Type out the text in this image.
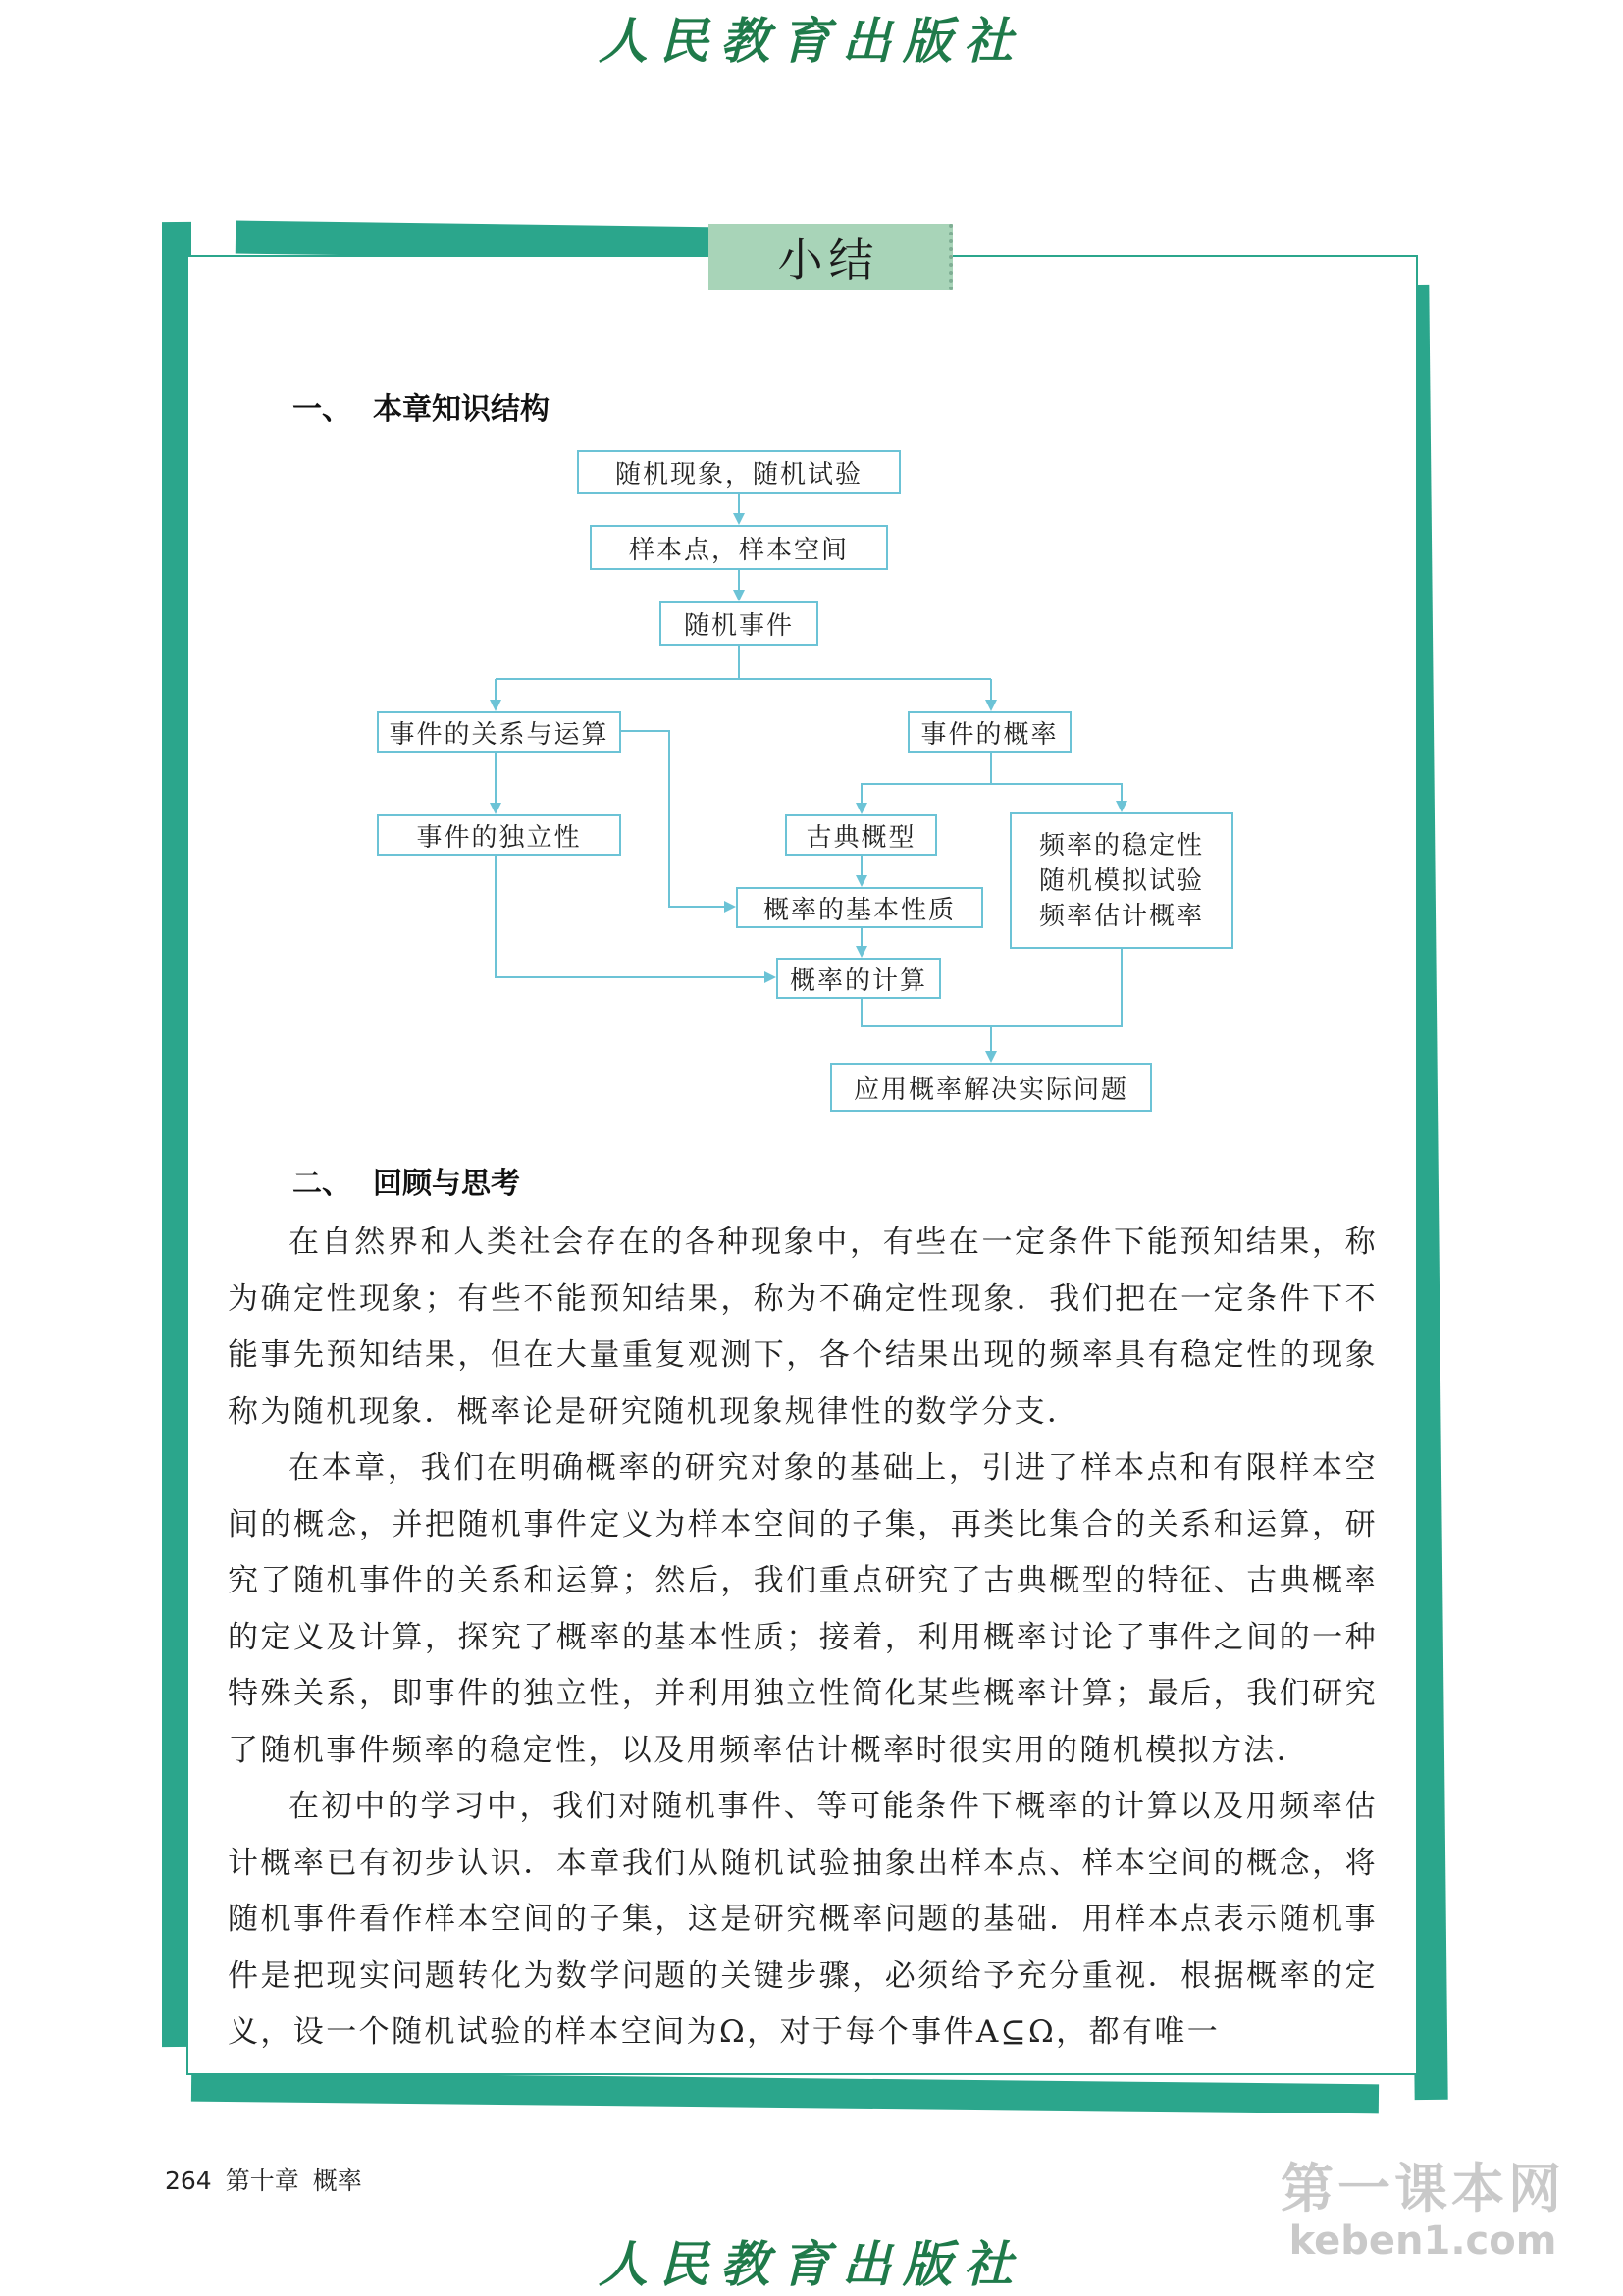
人民教育出版社
小结
一、 本章知识结构
随机现象，随机试验
样本点，样本空间
随机事件
事件的关系与运算	事件的概率
事件的独立性	古典概型	频率的稳定性
随机模拟试验
频率估计概率
概率的基本性质
概率的计算
应用概率解决实际问题
二、 回顾与思考

在自然界和人类社会存在的各种现象中，有些在一定条件下能预知结果，称为确定性现象；有些不能预知结果，称为不确定性现象．我们把在一定条件下不能事先预知结果，但在大量重复观测下，各个结果出现的频率具有稳定性的现象称为随机现象．概率论是研究随机现象规律性的数学分支．

在本章，我们在明确概率的研究对象的基础上，引进了样本点和有限样本空间的概念，并把随机事件定义为样本空间的子集，再类比集合的关系和运算，研究了随机事件的关系和运算；然后，我们重点研究了古典概型的特征、古典概率的定义及计算，探究了概率的基本性质；接着，利用概率讨论了事件之间的一种特殊关系，即事件的独立性，并利用独立性简化某些概率计算；最后，我们研究了随机事件频率的稳定性，以及用频率估计概率时很实用的随机模拟方法．

在初中的学习中，我们对随机事件、等可能条件下概率的计算以及用频率估计概率已有初步认识．本章我们从随机试验抽象出样本点、样本空间的概念，将随机事件看作样本空间的子集，这是研究概率问题的基础．用样本点表示随机事件是把现实问题转化为数学问题的关键步骤，必须给予充分重视．根据概率的定义，设一个随机试验的样本空间为Ω，对于每个事件A⊆Ω，都有唯一

264 第十章 概率	第一课本网
keben1.com
人民教育出版社
